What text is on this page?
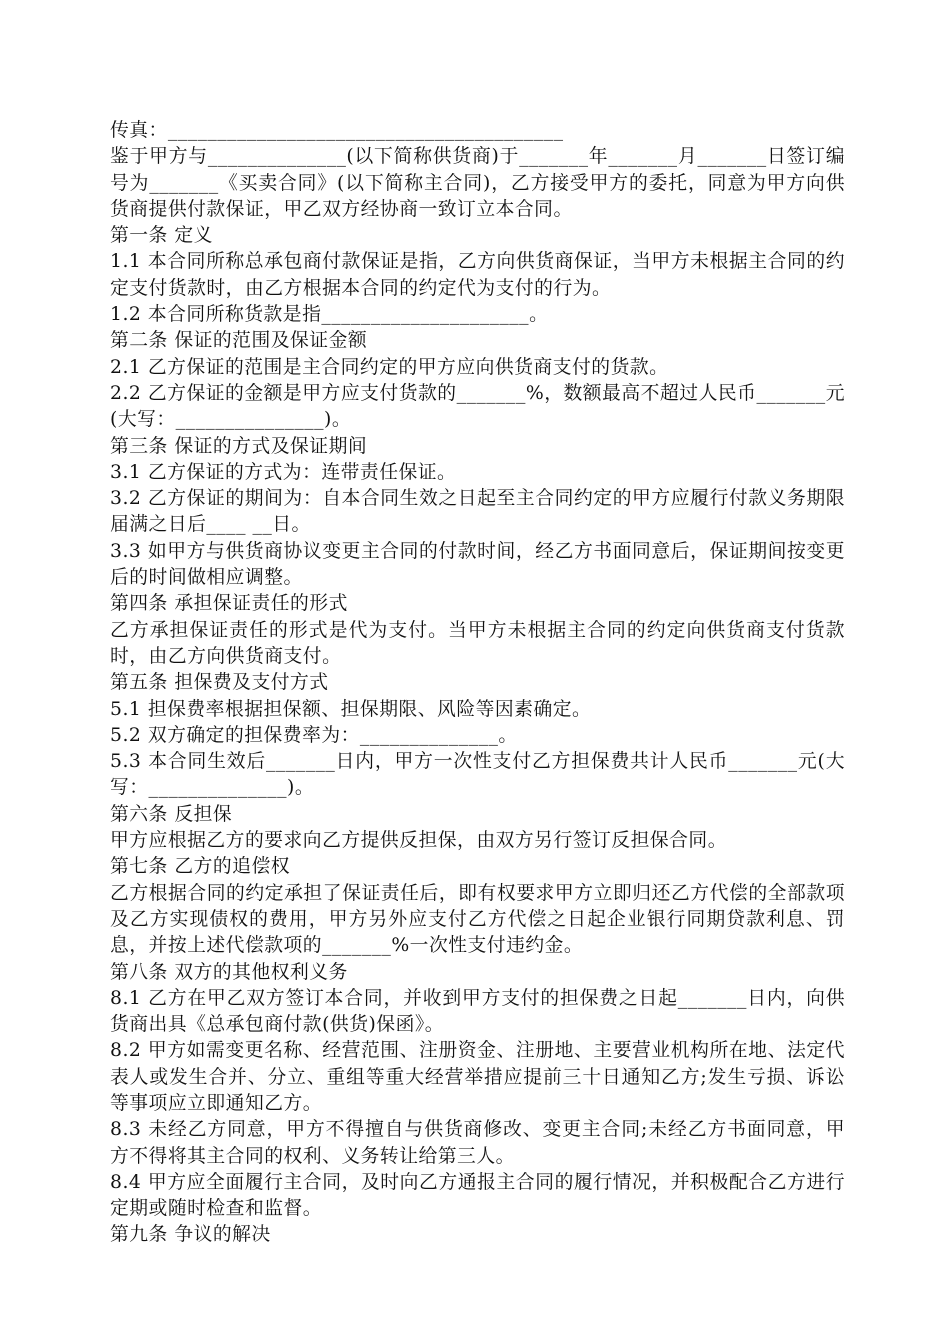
传真：________________________________________

鉴于甲方与______________(以下简称供货商)于_______年_______月_______日签订编号为_______《买卖合同》(以下简称主合同)，乙方接受甲方的委托，同意为甲方向供货商提供付款保证，甲乙双方经协商一致订立本合同。

第一条 定义

1.1 本合同所称总承包商付款保证是指，乙方向供货商保证，当甲方未根据主合同的约定支付货款时，由乙方根据本合同的约定代为支付的行为。

1.2 本合同所称货款是指_____________________。

第二条 保证的范围及保证金额

2.1 乙方保证的范围是主合同约定的甲方应向供货商支付的货款。

2.2 乙方保证的金额是甲方应支付货款的_______%，数额最高不超过人民币_______元(大写：_______________)。

第三条 保证的方式及保证期间

3.1 乙方保证的方式为：连带责任保证。

3.2 乙方保证的期间为：自本合同生效之日起至主合同约定的甲方应履行付款义务期限届满之日后____ __日。

3.3 如甲方与供货商协议变更主合同的付款时间，经乙方书面同意后，保证期间按变更后的时间做相应调整。

第四条 承担保证责任的形式

乙方承担保证责任的形式是代为支付。当甲方未根据主合同的约定向供货商支付货款时，由乙方向供货商支付。

第五条 担保费及支付方式

5.1 担保费率根据担保额、担保期限、风险等因素确定。

5.2 双方确定的担保费率为：______________。

5.3 本合同生效后_______日内，甲方一次性支付乙方担保费共计人民币_______元(大写：______________)。

第六条 反担保

甲方应根据乙方的要求向乙方提供反担保，由双方另行签订反担保合同。

第七条 乙方的追偿权

乙方根据合同的约定承担了保证责任后，即有权要求甲方立即归还乙方代偿的全部款项及乙方实现债权的费用，甲方另外应支付乙方代偿之日起企业银行同期贷款利息、罚息，并按上述代偿款项的_______%一次性支付违约金。

第八条 双方的其他权利义务

8.1 乙方在甲乙双方签订本合同，并收到甲方支付的担保费之日起_______日内，向供货商出具《总承包商付款(供货)保函》。

8.2 甲方如需变更名称、经营范围、注册资金、注册地、主要营业机构所在地、法定代表人或发生合并、分立、重组等重大经营举措应提前三十日通知乙方;发生亏损、诉讼等事项应立即通知乙方。

8.3 未经乙方同意，甲方不得擅自与供货商修改、变更主合同;未经乙方书面同意，甲方不得将其主合同的权利、义务转让给第三人。

8.4 甲方应全面履行主合同，及时向乙方通报主合同的履行情况，并积极配合乙方进行定期或随时检查和监督。

第九条 争议的解决
